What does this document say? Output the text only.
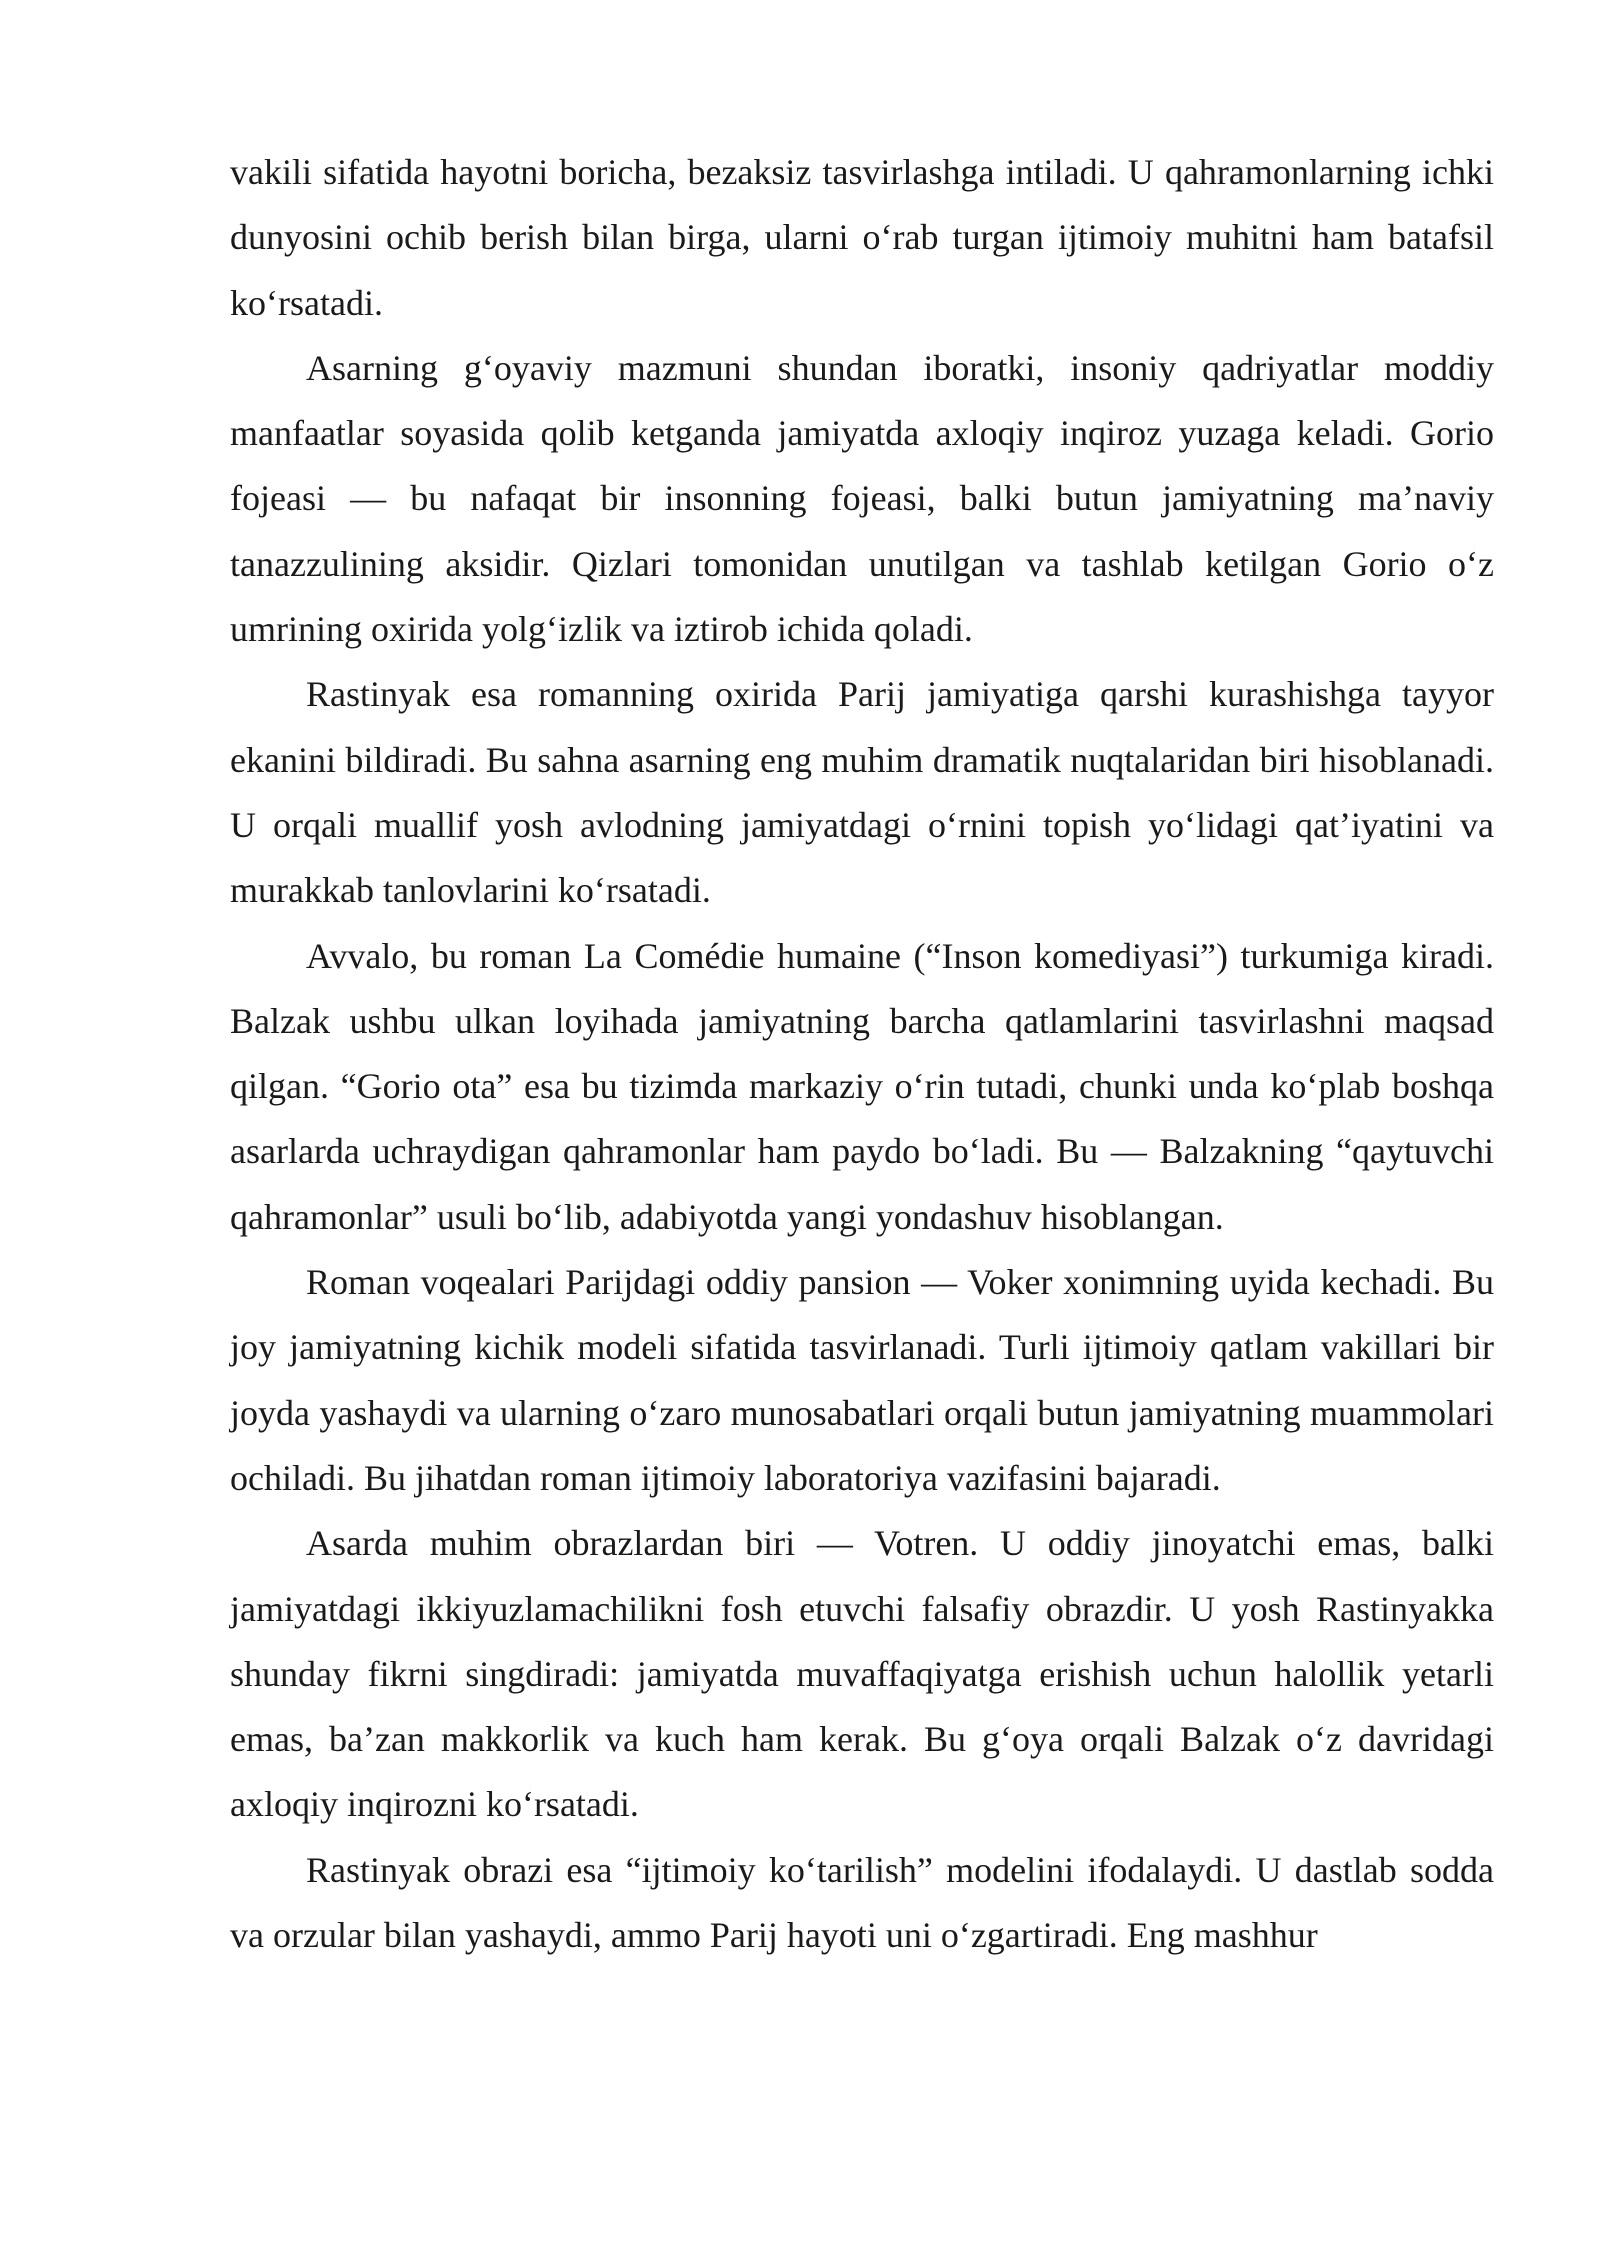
vakili sifatida hayotni boricha, bezaksiz tasvirlashga intiladi. U qahramonlarning ichki dunyosini ochib berish bilan birga, ularni o‘rab turgan ijtimoiy muhitni ham batafsil ko‘rsatadi.

Asarning g‘oyaviy mazmuni shundan iboratki, insoniy qadriyatlar moddiy manfaatlar soyasida qolib ketganda jamiyatda axloqiy inqiroz yuzaga keladi. Gorio fojeasi — bu nafaqat bir insonning fojeasi, balki butun jamiyatning ma’naviy tanazzulining aksidir. Qizlari tomonidan unutilgan va tashlab ketilgan Gorio o‘z umrining oxirida yolg‘izlik va iztirob ichida qoladi.

Rastinyak esa romanning oxirida Parij jamiyatiga qarshi kurashishga tayyor ekanini bildiradi. Bu sahna asarning eng muhim dramatik nuqtalaridan biri hisoblanadi. U orqali muallif yosh avlodning jamiyatdagi o‘rnini topish yo‘lidagi qat’iyatini va murakkab tanlovlarini ko‘rsatadi.

Avvalo, bu roman La Comédie humaine (“Inson komediyasi”) turkumiga kiradi. Balzak ushbu ulkan loyihada jamiyatning barcha qatlamlarini tasvirlashni maqsad qilgan. “Gorio ota” esa bu tizimda markaziy o‘rin tutadi, chunki unda ko‘plab boshqa asarlarda uchraydigan qahramonlar ham paydo bo‘ladi. Bu — Balzakning “qaytuvchi qahramonlar” usuli bo‘lib, adabiyotda yangi yondashuv hisoblangan.

Roman voqealari Parijdagi oddiy pansion — Voker xonimning uyida kechadi. Bu joy jamiyatning kichik modeli sifatida tasvirlanadi. Turli ijtimoiy qatlam vakillari bir joyda yashaydi va ularning o‘zaro munosabatlari orqali butun jamiyatning muammolari ochiladi. Bu jihatdan roman ijtimoiy laboratoriya vazifasini bajaradi.

Asarda muhim obrazlardan biri — Votren. U oddiy jinoyatchi emas, balki jamiyatdagi ikkiyuzlamachilikni fosh etuvchi falsafiy obrazdir. U yosh Rastinyakka shunday fikrni singdiradi: jamiyatda muvaffaqiyatga erishish uchun halollik yetarli emas, ba’zan makkorlik va kuch ham kerak. Bu g‘oya orqali Balzak o‘z davridagi axloqiy inqirozni ko‘rsatadi.

Rastinyak obrazi esa “ijtimoiy ko‘tarilish” modelini ifodalaydi. U dastlab sodda va orzular bilan yashaydi, ammo Parij hayoti uni o‘zgartiradi. Eng mashhur
